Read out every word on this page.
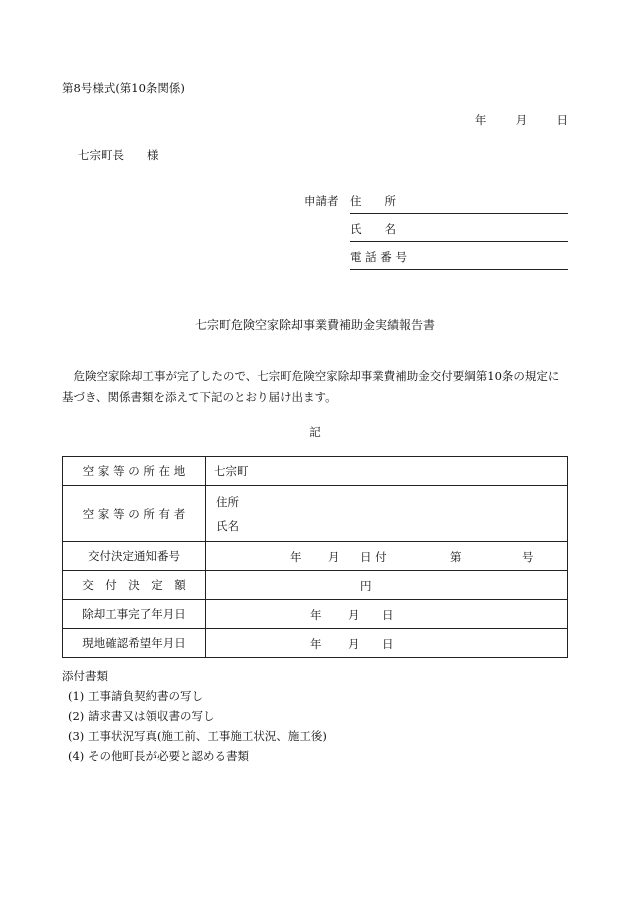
第8号様式(第10条関係)
年	月	日
七宗町長　　様
申請者 住　　所
氏　　名
電 話 番 号
七宗町危険空家除却事業費補助金実績報告書
危険空家除却工事が完了したので、七宗町危険空家除却事業費補助金交付要綱第10条の規定に基づき、関係書類を添えて下記のとおり届け出ます。
記
空 家 等 の 所 在 地	七宗町
空 家 等 の 所 有 者	住所
氏名

交付決定通知番号	年 月 日 付 第 号

交　付　決　定　額	円

除却工事完了年月日	年 月 日

現地確認希望年月日	年 月 日
添付書類
(1) 工事請負契約書の写し
(2) 請求書又は領収書の写し
(3) 工事状況写真(施工前、工事施工状況、施工後)
(4) その他町長が必要と認める書類
